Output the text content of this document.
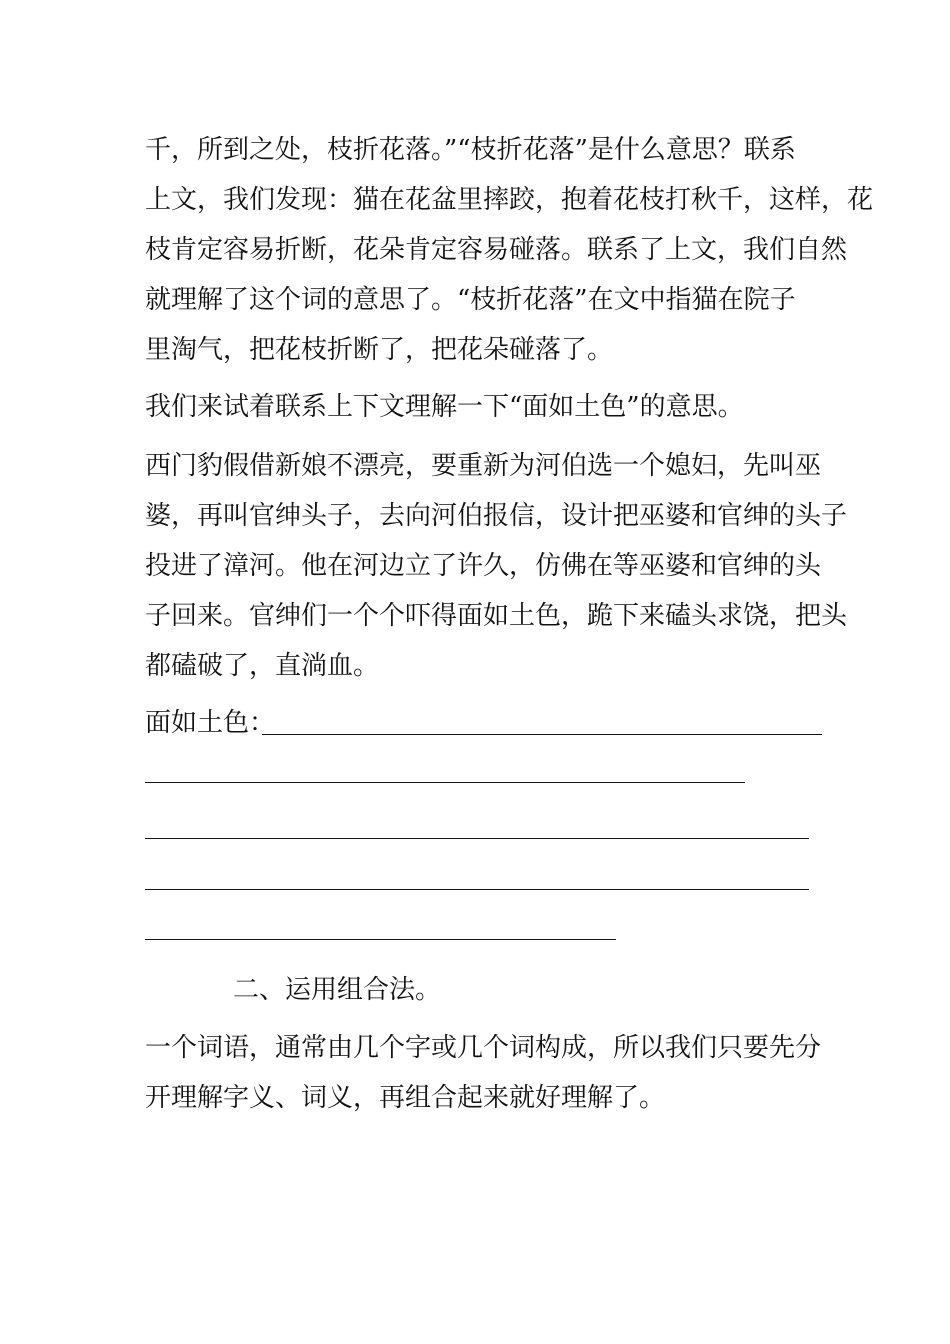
千，所到之处，枝折花落。”“枝折花落”是什么意思？联系

上文，我们发现：猫在花盆里摔跤，抱着花枝打秋千，这样，花

枝肯定容易折断，花朵肯定容易碰落。联系了上文，我们自然

就理解了这个词的意思了。“枝折花落”在文中指猫在院子

里淘气，把花枝折断了，把花朵碰落了。

我们来试着联系上下文理解一下“面如土色”的意思。

西门豹假借新娘不漂亮，要重新为河伯选一个媳妇，先叫巫

婆，再叫官绅头子，去向河伯报信，设计把巫婆和官绅的头子

投进了漳河。他在河边立了许久，仿佛在等巫婆和官绅的头

子回来。官绅们一个个吓得面如土色，跪下来磕头求饶，把头

都磕破了，直淌血。

面如土色：

二、运用组合法。

一个词语，通常由几个字或几个词构成，所以我们只要先分

开理解字义、词义，再组合起来就好理解了。
